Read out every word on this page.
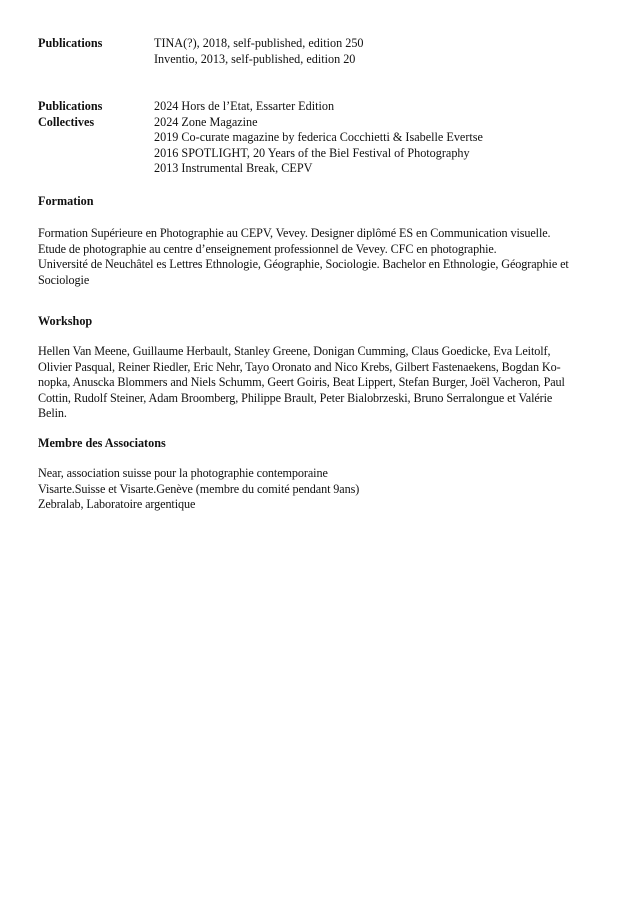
Publications	TINA(?), 2018, self-published, edition 250
Inventio, 2013, self-published, edition 20
Publications
Collectives
2024 Hors de l’Etat, Essarter Edition
2024 Zone Magazine
2019 Co-curate magazine by federica Cocchietti & Isabelle Evertse
2016 SPOTLIGHT, 20 Years of the Biel Festival of Photography
2013 Instrumental Break, CEPV
Formation
Formation Supérieure en Photographie au CEPV, Vevey. Designer diplômé ES en Communication visuelle.
Etude de photographie au centre d’enseignement professionnel de Vevey. CFC en photographie.
Université de Neuchâtel es Lettres Ethnologie, Géographie, Sociologie. Bachelor en Ethnologie, Géographie et
Sociologie
Workshop
Hellen Van Meene, Guillaume Herbault, Stanley Greene, Donigan Cumming, Claus Goedicke, Eva Leitolf,
Olivier Pasqual, Reiner Riedler, Eric Nehr, Tayo Oronato and Nico Krebs, Gilbert Fastenaekens, Bogdan Ko-
nopka, Anuscka Blommers and Niels Schumm, Geert Goiris, Beat Lippert, Stefan Burger, Joël Vacheron, Paul
Cottin, Rudolf Steiner, Adam Broomberg, Philippe Brault, Peter Bialobrzeski, Bruno Serralongue et Valérie
Belin.
Membre des Associatons
Near, association suisse pour la photographie contemporaine
Visarte.Suisse et Visarte.Genève (membre du comité pendant 9ans)
Zebralab, Laboratoire argentique
